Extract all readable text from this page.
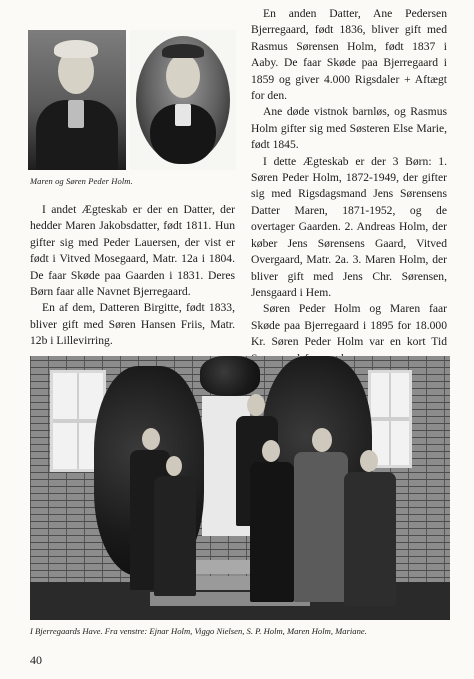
Maren og Søren Peder Holm.

I andet Ægteskab er der en Datter, der hedder Maren Jakobsdatter, født 1811. Hun gifter sig med Peder Lauersen, der vist er født i Vitved Mosegaard, Matr. 12a i 1804. De faar Skøde paa Gaarden i 1831. Deres Børn faar alle Navnet Bjerregaard.

En af dem, Datteren Birgitte, født 1833, bliver gift med Søren Hansen Friis, Matr. 12b i Lillevirring.

En anden Datter, Ane Pedersen Bjerregaard, født 1836, bliver gift med Rasmus Sørensen Holm, født 1837 i Aaby. De faar Skøde paa Bjerregaard i 1859 og giver 4.000 Rigsdaler + Aftægt for den.

Ane døde vistnok barnløs, og Rasmus Holm gifter sig med Søsteren Else Marie, født 1845.

I dette Ægteskab er der 3 Børn: 1. Søren Peder Holm, 1872-1949, der gifter sig med Rigsdagsmand Jens Sørensens Datter Maren, 1871-1952, og de overtager Gaarden. 2. Andreas Holm, der køber Jens Sørensens Gaard, Vitved Overgaard, Matr. 2a. 3. Maren Holm, der bliver gift med Jens Chr. Sørensen, Jensgaard i Hem.

Søren Peder Holm og Maren faar Skøde paa Bjerregaard i 1895 for 18.000 Kr. Søren Peder Holm var en kort Tid

I Bjerregaards Have. Fra venstre: Ejnar Holm, Viggo Nielsen, S. P. Holm, Maren Holm, Mariane.
40
